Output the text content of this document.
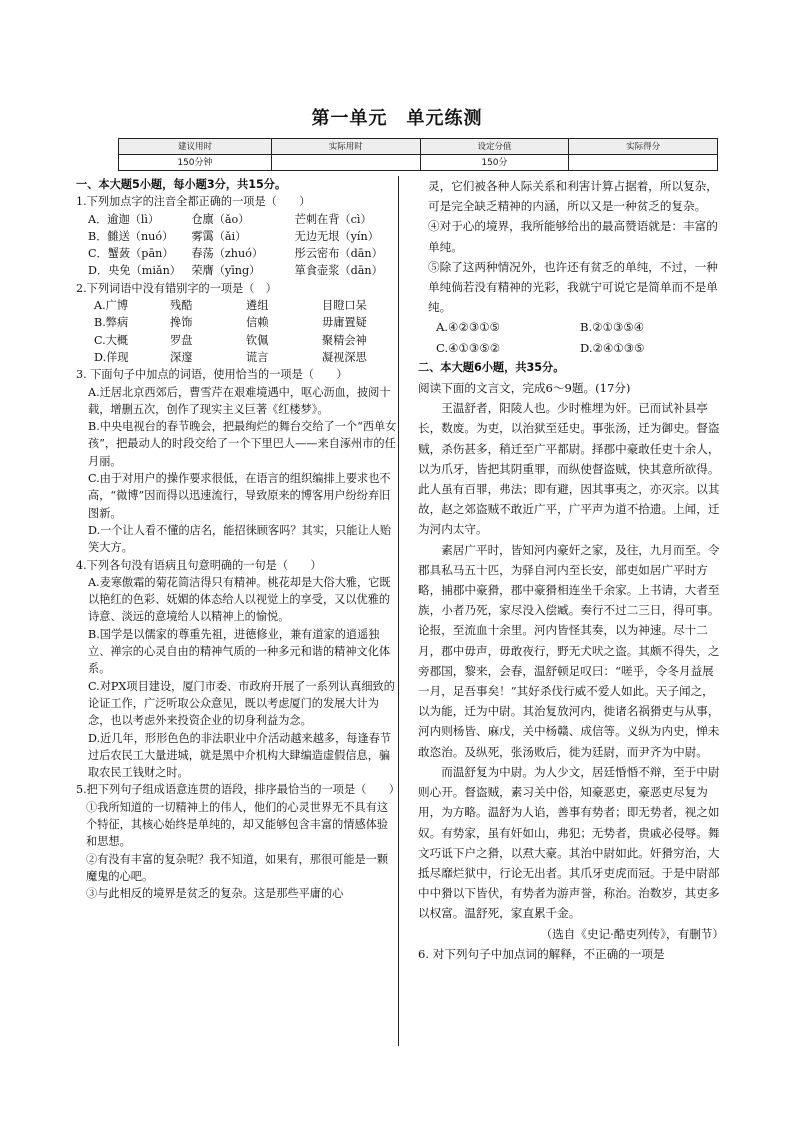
第一单元　单元练测
建议用时	实际用时	设定分值	实际得分
150分钟		150分	

一、本大题5小题，每小题3分，共15分。

1.下列加点字的注音全都正确的一项是（　　）

A．逾迦（lì）	仓廪（ǎo）	芒刺在背（cì）
B．雠送（nuó）	雾霭（ǎi）	无边无垠（yín）
C．蟹蔹（pān）	春荡（zhuó）	彤云密布（dān）
D．央免（miǎn） 荣膺（yīng）	箪食壶浆（dān）

2.下列词语中没有错别字的一项是（　）

A.广博	残酷	遴组	目瞪口呆
B.弊病	搀饰	信赖	毋庸置疑
C.大概	罗盘	钦佩	聚精会神
D.佯现	深邃	谎言	凝视深思

3. 下面句子中加点的词语，使用恰当的一项是（　　）

A.迁居北京西郊后，曹雪芹在艰难境遇中，呕心沥血，披阅十载，增删五次，创作了现实主义巨著《红楼梦》。

B.中央电视台的春节晚会，把最绚烂的舞台交给了一个“西单女孩”，把最动人的时段交给了一个下里巴人——来自涿州市的任月丽。

C.由于对用户的操作要求很低，在语言的组织编排上要求也不高，“微博”因而得以迅速流行，导致原来的博客用户纷纷弃旧图新。

D.一个让人看不懂的店名，能招徕顾客吗？其实，只能让人贻笑大方。

4.下列各句没有语病且句意明确的一句是（　　）

A.麦寒傲霜的菊花简洁得只有精神。桃花却是大俗大雅，它既以艳红的色彩、妩媚的体态给人以视觉上的享受，又以优雅的诗意、淡远的意境给人以精神上的愉悦。

B.国学是以儒家的尊重先祖，进德修业，兼有道家的逍遥独立、禅宗的心灵自由的精神气质的一种多元和谐的精神文化体系。

C.对PX项目建设，厦门市委、市政府开展了一系列认真细致的论证工作，广泛听取公众意见，既以考虑厦门的发展大计为念，也以考虑外来投资企业的切身利益为念。

D.近几年，形形色色的非法职业中介活动越来越多，每逢春节过后农民工大量进城，就是黑中介机构大肆编造虚假信息，骗取农民工钱财之时。

5.把下列句子组成语意连贯的语段，排序最恰当的一项是（　　）

①我所知道的一切精神上的伟人，他们的心灵世界无不具有这个特征，其核心始终是单纯的，却又能够包含丰富的情感体验和思想。

②有没有丰富的复杂呢？我不知道，如果有，那很可能是一颗魔鬼的心吧。

③与此相反的境界是贫乏的复杂。这是那些平庸的心

灵，它们被各种人际关系和利害计算占据着，所以复杂，可是完全缺乏精神的内涵，所以又是一种贫乏的复杂。

④对于心的境界，我所能够给出的最高赞语就是：丰富的单纯。

⑤除了这两种情况外，也许还有贫乏的单纯，不过，一种单纯倘若没有精神的光彩，我就宁可说它是简单而不是单纯。

A.④②③①⑤	B.②①③⑤④
C.④①③⑤②	D.②④①③⑤

二、本大题6小题，共35分。

阅读下面的文言文，完成6～9题。(17分)

王温舒者，阳陵人也。少时椎埋为奸。已而试补县亭长，数废。为吏，以治狱至廷史。事张汤，迁为御史。督盗贼，杀伤甚多，稍迁至广平都尉。择郡中豪敢任吏十余人，以为爪牙，皆把其阴重罪，而纵使督盗贼，快其意所欲得。此人虽有百罪，弗法；即有避，因其事夷之，亦灭宗。以其故，赵之郊盗贼不敢近广平，广平声为道不拾遗。上闻，迁为河内太守。

素居广平时，皆知河内豪奸之家，及往，九月而至。令郡具私马五十匹，为驿自河内至长安，部吏如居广平时方略，捕郡中豪猾，郡中豪猾相连坐千余家。上书请，大者至族，小者乃死，家尽没入偿臧。奏行不过二三日，得可事。论报，至流血十余里。河内皆怪其奏，以为神速。尽十二月，郡中毋声，毋敢夜行，野无犬吠之盗。其颇不得失，之旁郡国，黎来，会春，温舒顿足叹曰：“嗟乎，令冬月益展一月，足吾事矣！”其好杀伐行威不爱人如此。天子闻之，以为能，迁为中尉。其治复放河内，徙诸名祸猾吏与从事，河内则杨皆、麻戊，关中杨赣、成信等。义纵为内史，惮未敢恣治。及纵死，张汤败后，徙为廷尉，而尹齐为中尉。

而温舒复为中尉。为人少文，居廷惛惛不辩，至于中尉则心开。督盗贼，素习关中俗，知豪恶吏，豪恶吏尽复为用，为方略。温舒为人谄，善事有势者；即无势者，视之如奴。有势家，虽有奸如山，弗犯；无势者，贵戚必侵辱。舞文巧诋下户之猾，以焄大豪。其治中尉如此。奸猾穷治，大抵尽靡烂狱中，行论无出者。其爪牙吏虎而冠。于是中尉部中中猾以下皆伏，有势者为游声誉，称治。治数岁，其吏多以权富。温舒死，家直累千金。

（选自《史记·酷吏列传》，有删节）

6. 对下列句子中加点词的解释，不正确的一项是
